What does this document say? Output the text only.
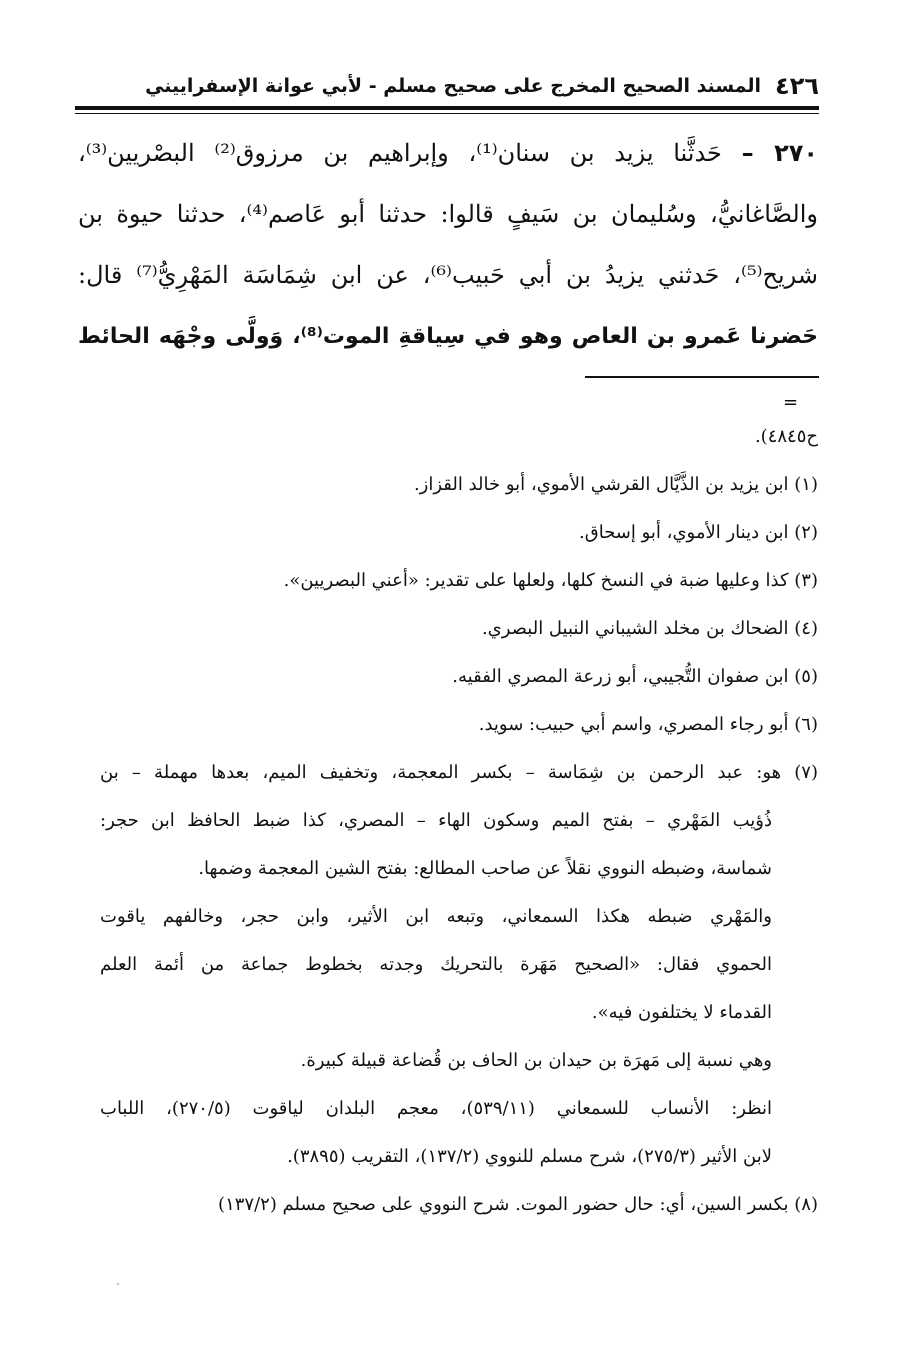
٤٢٦
المسند الصحيح المخرج على صحيح مسلم - لأبي عوانة الإسفراييني
٢٧٠ – حَدثَّنا يزيد بن سنان⁽¹⁾، وإبراهيم بن مرزوق⁽²⁾ البصْريين⁽³⁾،
والصَّاغانيُّ، وسُليمان بن سَيفٍ قالوا: حدثنا أبو عَاصم⁽⁴⁾، حدثنا حيوة بن
شريح⁽⁵⁾، حَدثني يزيدُ بن أبي حَبيب⁽⁶⁾، عن ابن شِمَاسَة المَهْرِيُّ⁽⁷⁾ قال:
حَضرنا عَمرو بن العاص وهو في سِياقةِ الموت⁽⁸⁾، وَولَّى وجْهَه الحائط
=
ح٤٨٤٥).
(١) ابن يزيد بن الذَّيَّال القرشي الأموي، أبو خالد القزاز.
(٢) ابن دينار الأموي، أبو إسحاق.
(٣) كذا وعليها ضبة في النسخ كلها، ولعلها على تقدير: «أعني البصريين».
(٤) الضحاك بن مخلد الشيباني النبيل البصري.
(٥) ابن صفوان التُّجيبي، أبو زرعة المصري الفقيه.
(٦) أبو رجاء المصري، واسم أبي حبيب: سويد.
(٧) هو: عبد الرحمن بن شِمَاسة – بكسر المعجمة، وتخفيف الميم، بعدها مهملة – بن
ذُؤيب المَهْري – بفتح الميم وسكون الهاء – المصري، كذا ضبط الحافظ ابن حجر:
شماسة، وضبطه النووي نقلاً عن صاحب المطالع: بفتح الشين المعجمة وضمها.
والمَهْري ضبطه هكذا السمعاني، وتبعه ابن الأثير، وابن حجر، وخالفهم ياقوت
الحموي فقال: «الصحيح مَهَرة بالتحريك وجدته بخطوط جماعة من أئمة العلم
القدماء لا يختلفون فيه».
وهي نسبة إلى مَهرَة بن حيدان بن الحاف بن قُضاعة قبيلة كبيرة.
انظر: الأنساب للسمعاني (٥٣٩/١١)، معجم البلدان لياقوت (٢٧٠/٥)، اللباب
لابن الأثير (٢٧٥/٣)، شرح مسلم للنووي (١٣٧/٢)، التقريب (٣٨٩٥).
(٨) بكسر السين، أي: حال حضور الموت. شرح النووي على صحيح مسلم (١٣٧/٢)
